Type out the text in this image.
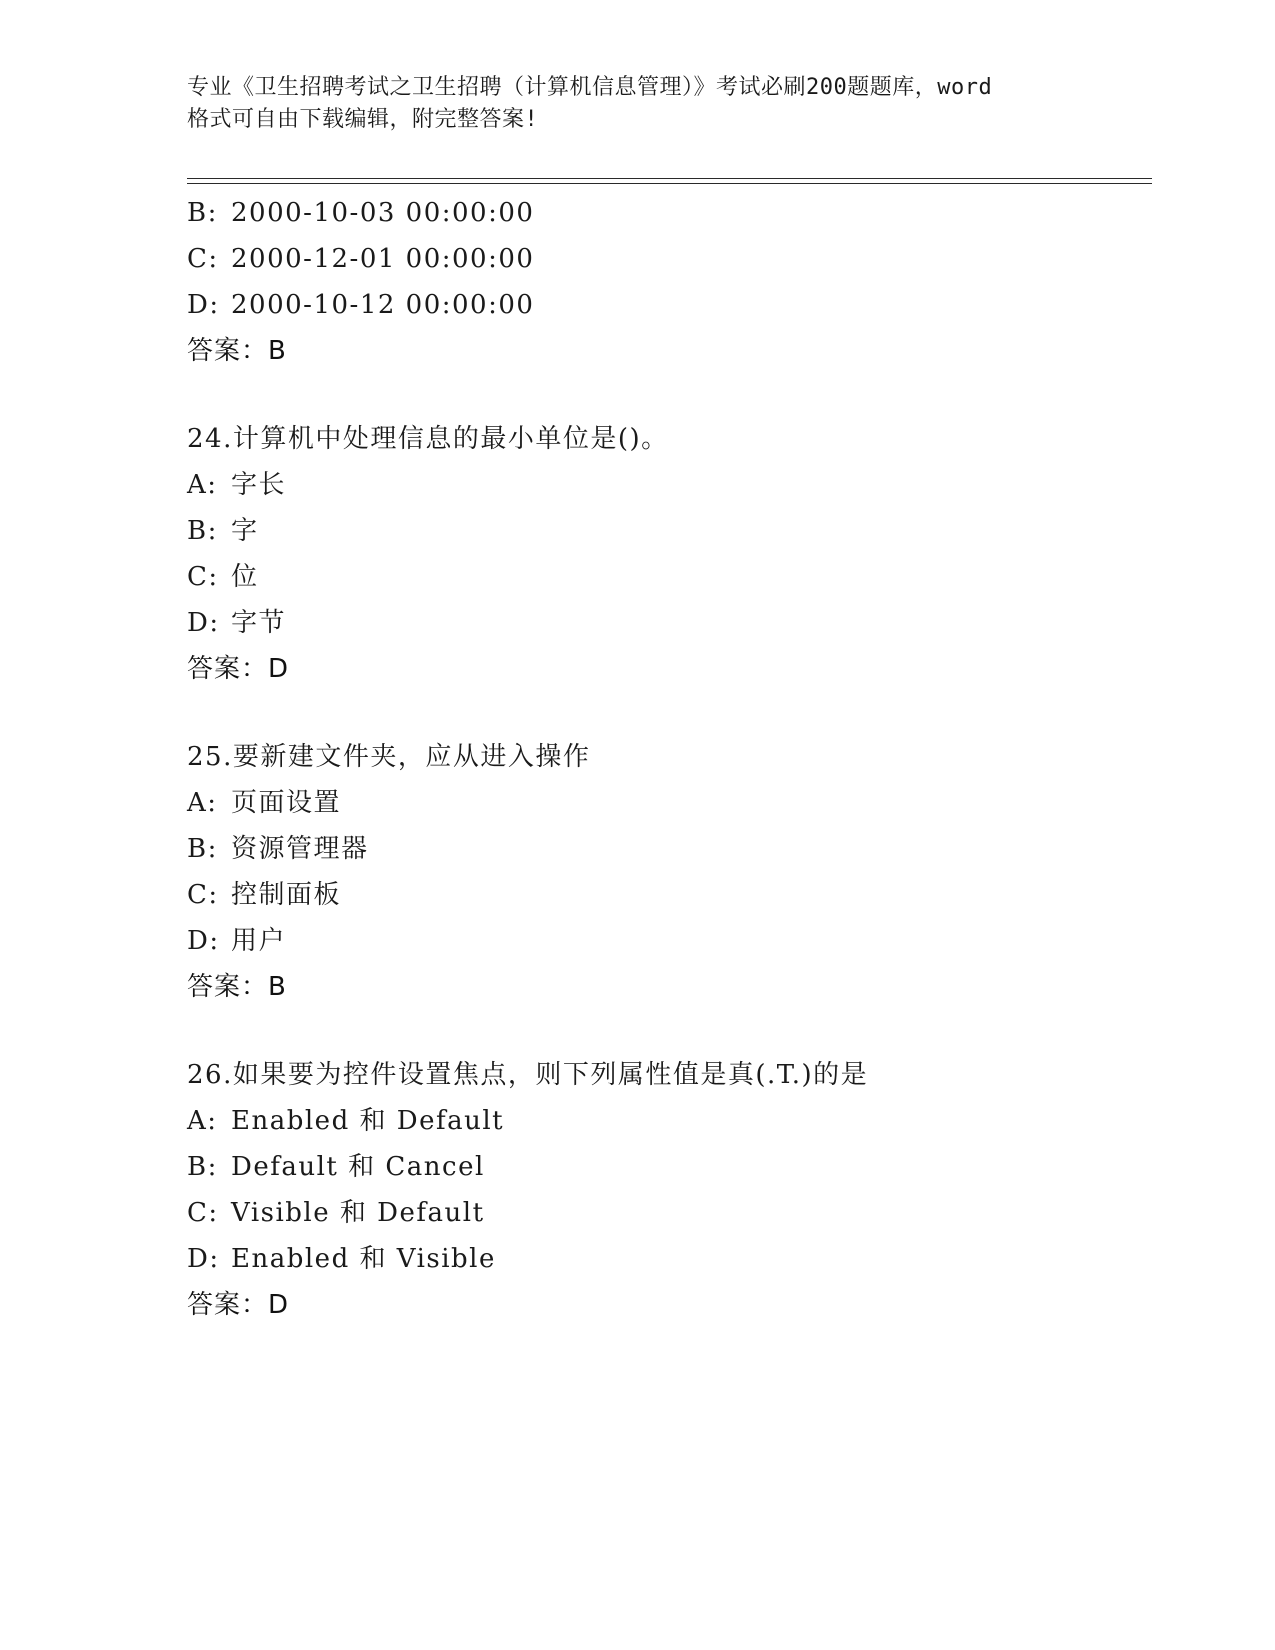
专业《卫生招聘考试之卫生招聘（计算机信息管理）》考试必刷200题题库，word
格式可自由下载编辑，附完整答案!
B: 2000-10-03 00:00:00
C: 2000-12-01 00:00:00
D: 2000-10-12 00:00:00
答案：B
24.计算机中处理信息的最小单位是()。
A: 字长
B: 字
C: 位
D: 字节
答案：D
25.要新建文件夹，应从进入操作
A: 页面设置
B: 资源管理器
C: 控制面板
D: 用户
答案：B
26.如果要为控件设置焦点，则下列属性值是真(.T.)的是
A: Enabled 和 Default
B: Default 和 Cancel
C: Visible 和 Default
D: Enabled 和 Visible
答案：D
